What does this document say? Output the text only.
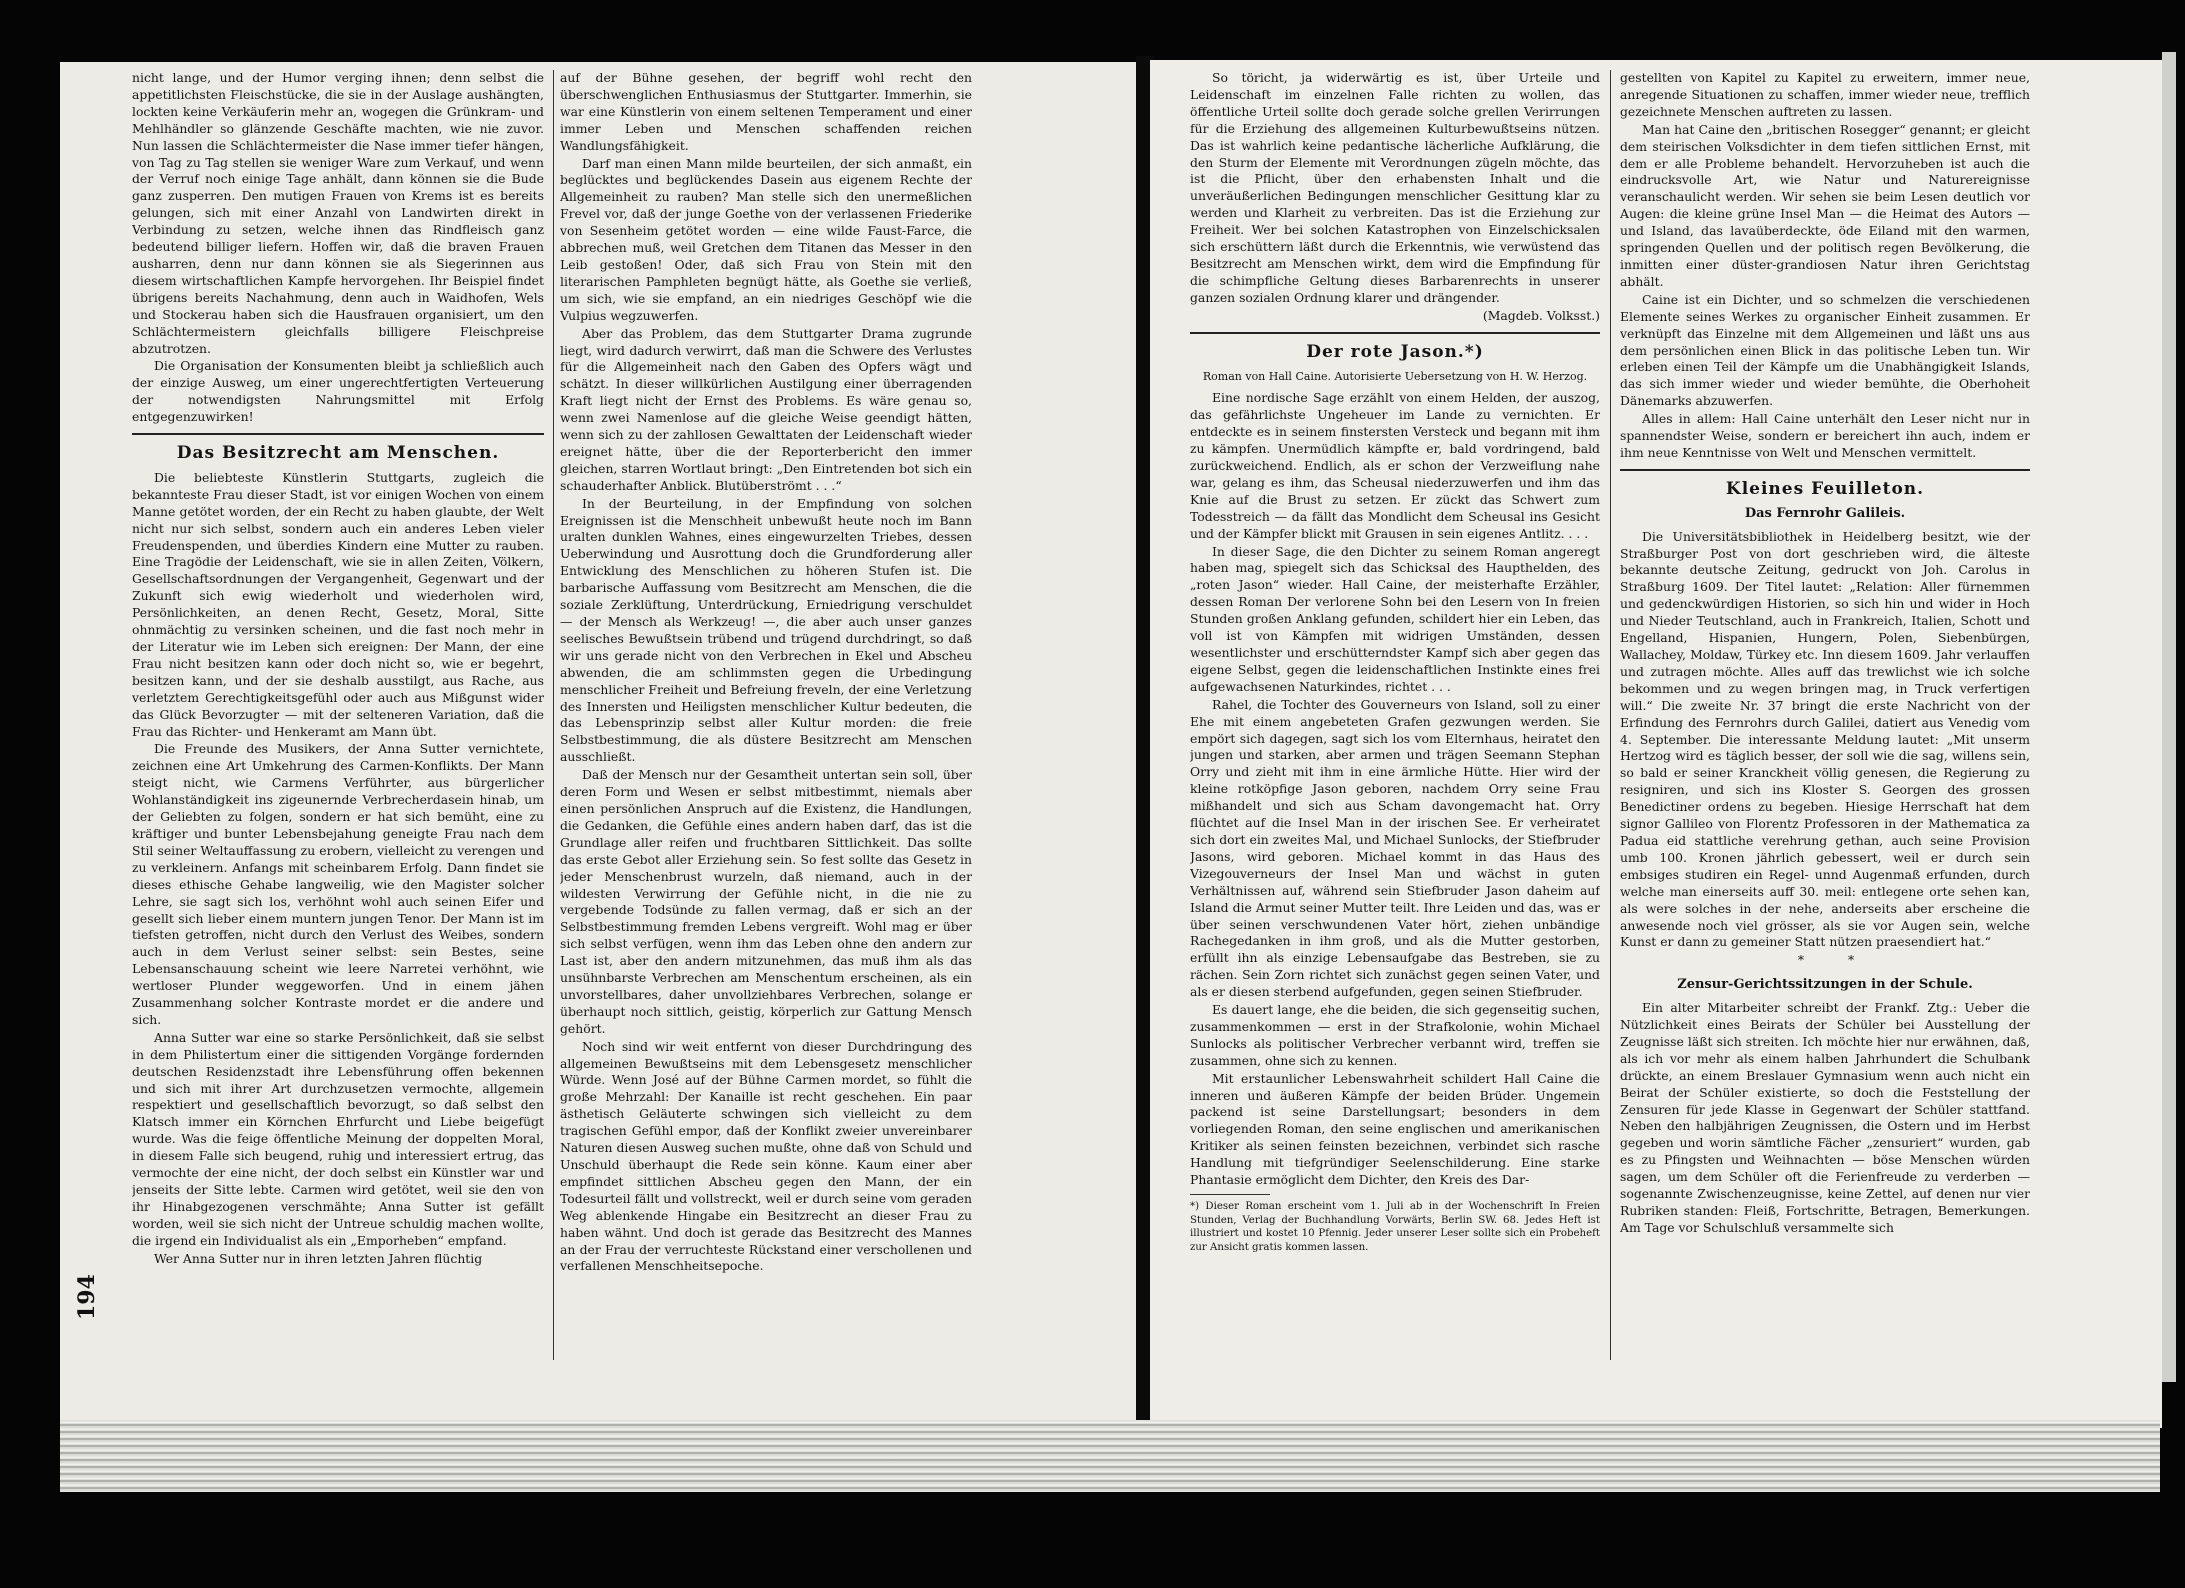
194

nicht lange, und der Humor verging ihnen; denn selbst die appetitlichsten Fleischstücke, die sie in der Auslage aushängten, lockten keine Verkäuferin mehr an, wogegen die Grünkram- und Mehlhändler so glänzende Geschäfte machten, wie nie zuvor. Nun lassen die Schlächtermeister die Nase immer tiefer hängen, von Tag zu Tag stellen sie weniger Ware zum Verkauf, und wenn der Verruf noch einige Tage anhält, dann können sie die Bude ganz zusperren. Den mutigen Frauen von Krems ist es bereits gelungen, sich mit einer Anzahl von Landwirten direkt in Verbindung zu setzen, welche ihnen das Rindfleisch ganz bedeutend billiger liefern. Hoffen wir, daß die braven Frauen ausharren, denn nur dann können sie als Siegerinnen aus diesem wirtschaftlichen Kampfe hervorgehen. Ihr Beispiel findet übrigens bereits Nachahmung, denn auch in Waidhofen, Wels und Stockerau haben sich die Hausfrauen organisiert, um den Schlächtermeistern gleichfalls billigere Fleischpreise abzutrotzen.

Die Organisation der Konsumenten bleibt ja schließlich auch der einzige Ausweg, um einer ungerechtfertigten Verteuerung der notwendigsten Nahrungsmittel mit Erfolg entgegenzuwirken!

Das Besitzrecht am Menschen.

Die beliebteste Künstlerin Stuttgarts, zugleich die bekannteste Frau dieser Stadt, ist vor einigen Wochen von einem Manne getötet worden, der ein Recht zu haben glaubte, der Welt nicht nur sich selbst, sondern auch ein anderes Leben vieler Freudenspenden, und überdies Kindern eine Mutter zu rauben. Eine Tragödie der Leidenschaft, wie sie in allen Zeiten, Völkern, Gesellschaftsordnungen der Vergangenheit, Gegenwart und der Zukunft sich ewig wiederholt und wiederholen wird, Persönlichkeiten, an denen Recht, Gesetz, Moral, Sitte ohnmächtig zu versinken scheinen, und die fast noch mehr in der Literatur wie im Leben sich ereignen: Der Mann, der eine Frau nicht besitzen kann oder doch nicht so, wie er begehrt, besitzen kann, und der sie deshalb ausstilgt, aus Rache, aus verletztem Gerechtigkeitsgefühl oder auch aus Mißgunst wider das Glück Bevorzugter — mit der selteneren Variation, daß die Frau das Richter- und Henkeramt am Mann übt.

Die Freunde des Musikers, der Anna Sutter vernichtete, zeichnen eine Art Umkehrung des Carmen-Konflikts. Der Mann steigt nicht, wie Carmens Verführter, aus bürgerlicher Wohlanständigkeit ins zigeunernde Verbrecherdasein hinab, um der Geliebten zu folgen, sondern er hat sich bemüht, eine zu kräftiger und bunter Lebensbejahung geneigte Frau nach dem Stil seiner Weltauffassung zu erobern, vielleicht zu verengen und zu verkleinern. Anfangs mit scheinbarem Erfolg. Dann findet sie dieses ethische Gehabe langweilig, wie den Magister solcher Lehre, sie sagt sich los, verhöhnt wohl auch seinen Eifer und gesellt sich lieber einem muntern jungen Tenor. Der Mann ist im tiefsten getroffen, nicht durch den Verlust des Weibes, sondern auch in dem Verlust seiner selbst: sein Bestes, seine Lebensanschauung scheint wie leere Narretei verhöhnt, wie wertloser Plunder weggeworfen. Und in einem jähen Zusammenhang solcher Kontraste mordet er die andere und sich.

Anna Sutter war eine so starke Persönlichkeit, daß sie selbst in dem Philistertum einer die sittigenden Vorgänge fordernden deutschen Residenzstadt ihre Lebensführung offen bekennen und sich mit ihrer Art durchzusetzen vermochte, allgemein respektiert und gesellschaftlich bevorzugt, so daß selbst den Klatsch immer ein Körnchen Ehrfurcht und Liebe beigefügt wurde. Was die feige öffentliche Meinung der doppelten Moral, in diesem Falle sich beugend, ruhig und interessiert ertrug, das vermochte der eine nicht, der doch selbst ein Künstler war und jenseits der Sitte lebte. Carmen wird getötet, weil sie den von ihr Hinabgezogenen verschmähte; Anna Sutter ist gefällt worden, weil sie sich nicht der Untreue schuldig machen wollte, die irgend ein Individualist als ein „Emporheben“ empfand.

Wer Anna Sutter nur in ihren letzten Jahren flüchtig

auf der Bühne gesehen, der begriff wohl recht den überschwenglichen Enthusiasmus der Stuttgarter. Immerhin, sie war eine Künstlerin von einem seltenen Temperament und einer immer Leben und Menschen schaffenden reichen Wandlungsfähigkeit.

Darf man einen Mann milde beurteilen, der sich anmaßt, ein beglücktes und beglückendes Dasein aus eigenem Rechte der Allgemeinheit zu rauben? Man stelle sich den unermeßlichen Frevel vor, daß der junge Goethe von der verlassenen Friederike von Sesenheim getötet worden — eine wilde Faust-Farce, die abbrechen muß, weil Gretchen dem Titanen das Messer in den Leib gestoßen! Oder, daß sich Frau von Stein mit den literarischen Pamphleten begnügt hätte, als Goethe sie verließ, um sich, wie sie empfand, an ein niedriges Geschöpf wie die Vulpius wegzuwerfen.

Aber das Problem, das dem Stuttgarter Drama zugrunde liegt, wird dadurch verwirrt, daß man die Schwere des Verlustes für die Allgemeinheit nach den Gaben des Opfers wägt und schätzt. In dieser willkürlichen Austilgung einer überragenden Kraft liegt nicht der Ernst des Problems. Es wäre genau so, wenn zwei Namenlose auf die gleiche Weise geendigt hätten, wenn sich zu der zahllosen Gewalttaten der Leidenschaft wieder ereignet hätte, über die der Reporterbericht den immer gleichen, starren Wortlaut bringt: „Den Eintretenden bot sich ein schauderhafter Anblick. Blutüberströmt . . .“

In der Beurteilung, in der Empfindung von solchen Ereignissen ist die Menschheit unbewußt heute noch im Bann uralten dunklen Wahnes, eines eingewurzelten Triebes, dessen Ueberwindung und Ausrottung doch die Grundforderung aller Entwicklung des Menschlichen zu höheren Stufen ist. Die barbarische Auffassung vom Besitzrecht am Menschen, die die soziale Zerklüftung, Unterdrückung, Erniedrigung verschuldet — der Mensch als Werkzeug! —, die aber auch unser ganzes seelisches Bewußtsein trübend und trügend durchdringt, so daß wir uns gerade nicht von den Verbrechen in Ekel und Abscheu abwenden, die am schlimmsten gegen die Urbedingung menschlicher Freiheit und Befreiung freveln, der eine Verletzung des Innersten und Heiligsten menschlicher Kultur bedeuten, die das Lebensprinzip selbst aller Kultur morden: die freie Selbstbestimmung, die als düstere Besitzrecht am Menschen ausschließt.

Daß der Mensch nur der Gesamtheit untertan sein soll, über deren Form und Wesen er selbst mitbestimmt, niemals aber einen persönlichen Anspruch auf die Existenz, die Handlungen, die Gedanken, die Gefühle eines andern haben darf, das ist die Grundlage aller reifen und fruchtbaren Sittlichkeit. Das sollte das erste Gebot aller Erziehung sein. So fest sollte das Gesetz in jeder Menschenbrust wurzeln, daß niemand, auch in der wildesten Verwirrung der Gefühle nicht, in die nie zu vergebende Todsünde zu fallen vermag, daß er sich an der Selbstbestimmung fremden Lebens vergreift. Wohl mag er über sich selbst verfügen, wenn ihm das Leben ohne den andern zur Last ist, aber den andern mitzunehmen, das muß ihm als das unsühnbarste Verbrechen am Menschentum erscheinen, als ein unvorstellbares, daher unvollziehbares Verbrechen, solange er überhaupt noch sittlich, geistig, körperlich zur Gattung Mensch gehört.

Noch sind wir weit entfernt von dieser Durchdringung des allgemeinen Bewußtseins mit dem Lebensgesetz menschlicher Würde. Wenn José auf der Bühne Carmen mordet, so fühlt die große Mehrzahl: Der Kanaille ist recht geschehen. Ein paar ästhetisch Geläuterte schwingen sich vielleicht zu dem tragischen Gefühl empor, daß der Konflikt zweier unvereinbarer Naturen diesen Ausweg suchen mußte, ohne daß von Schuld und Unschuld überhaupt die Rede sein könne. Kaum einer aber empfindet sittlichen Abscheu gegen den Mann, der ein Todesurteil fällt und vollstreckt, weil er durch seine vom geraden Weg ablenkende Hingabe ein Besitzrecht an dieser Frau zu haben wähnt. Und doch ist gerade das Besitzrecht des Mannes an der Frau der verruchteste Rückstand einer verschollenen und verfallenen Menschheitsepoche.

So töricht, ja widerwärtig es ist, über Urteile und Leidenschaft im einzelnen Falle richten zu wollen, das öffentliche Urteil sollte doch gerade solche grellen Verirrungen für die Erziehung des allgemeinen Kulturbewußtseins nützen. Das ist wahrlich keine pedantische lächerliche Aufklärung, die den Sturm der Elemente mit Verordnungen zügeln möchte, das ist die Pflicht, über den erhabensten Inhalt und die unveräußerlichen Bedingungen menschlicher Gesittung klar zu werden und Klarheit zu verbreiten. Das ist die Erziehung zur Freiheit. Wer bei solchen Katastrophen von Einzelschicksalen sich erschüttern läßt durch die Erkenntnis, wie verwüstend das Besitzrecht am Menschen wirkt, dem wird die Empfindung für die schimpfliche Geltung dieses Barbarenrechts in unserer ganzen sozialen Ordnung klarer und drängender.

(Magdeb. Volksst.)

Der rote Jason.*)
Roman von Hall Caine. Autorisierte Uebersetzung von H. W. Herzog.

Eine nordische Sage erzählt von einem Helden, der auszog, das gefährlichste Ungeheuer im Lande zu vernichten. Er entdeckte es in seinem finstersten Versteck und begann mit ihm zu kämpfen. Unermüdlich kämpfte er, bald vordringend, bald zurückweichend. Endlich, als er schon der Verzweiflung nahe war, gelang es ihm, das Scheusal niederzuwerfen und ihm das Knie auf die Brust zu setzen. Er zückt das Schwert zum Todesstreich — da fällt das Mondlicht dem Scheusal ins Gesicht und der Kämpfer blickt mit Grausen in sein eigenes Antlitz. . . .

In dieser Sage, die den Dichter zu seinem Roman angeregt haben mag, spiegelt sich das Schicksal des Haupthelden, des „roten Jason“ wieder. Hall Caine, der meisterhafte Erzähler, dessen Roman Der verlorene Sohn bei den Lesern von In freien Stunden großen Anklang gefunden, schildert hier ein Leben, das voll ist von Kämpfen mit widrigen Umständen, dessen wesentlichster und erschütterndster Kampf sich aber gegen das eigene Selbst, gegen die leidenschaftlichen Instinkte eines frei aufgewachsenen Naturkindes, richtet . . .

Rahel, die Tochter des Gouverneurs von Island, soll zu einer Ehe mit einem angebeteten Grafen gezwungen werden. Sie empört sich dagegen, sagt sich los vom Elternhaus, heiratet den jungen und starken, aber armen und trägen Seemann Stephan Orry und zieht mit ihm in eine ärmliche Hütte. Hier wird der kleine rotköpfige Jason geboren, nachdem Orry seine Frau mißhandelt und sich aus Scham davongemacht hat. Orry flüchtet auf die Insel Man in der irischen See. Er verheiratet sich dort ein zweites Mal, und Michael Sunlocks, der Stiefbruder Jasons, wird geboren. Michael kommt in das Haus des Vizegouverneurs der Insel Man und wächst in guten Verhältnissen auf, während sein Stiefbruder Jason daheim auf Island die Armut seiner Mutter teilt. Ihre Leiden und das, was er über seinen verschwundenen Vater hört, ziehen unbändige Rachegedanken in ihm groß, und als die Mutter gestorben, erfüllt ihn als einzige Lebensaufgabe das Bestreben, sie zu rächen. Sein Zorn richtet sich zunächst gegen seinen Vater, und als er diesen sterbend aufgefunden, gegen seinen Stiefbruder.

Es dauert lange, ehe die beiden, die sich gegenseitig suchen, zusammenkommen — erst in der Strafkolonie, wohin Michael Sunlocks als politischer Verbrecher verbannt wird, treffen sie zusammen, ohne sich zu kennen.

Mit erstaunlicher Lebenswahrheit schildert Hall Caine die inneren und äußeren Kämpfe der beiden Brüder. Ungemein packend ist seine Darstellungsart; besonders in dem vorliegenden Roman, den seine englischen und amerikanischen Kritiker als seinen feinsten bezeichnen, verbindet sich rasche Handlung mit tiefgründiger Seelenschilderung. Eine starke Phantasie ermöglicht dem Dichter, den Kreis des Dar-

*) Dieser Roman erscheint vom 1. Juli ab in der Wochenschrift In Freien Stunden, Verlag der Buchhandlung Vorwärts, Berlin SW. 68. Jedes Heft ist illustriert und kostet 10 Pfennig. Jeder unserer Leser sollte sich ein Probeheft zur Ansicht gratis kommen lassen.

gestellten von Kapitel zu Kapitel zu erweitern, immer neue, anregende Situationen zu schaffen, immer wieder neue, trefflich gezeichnete Menschen auftreten zu lassen.

Man hat Caine den „britischen Rosegger“ genannt; er gleicht dem steirischen Volksdichter in dem tiefen sittlichen Ernst, mit dem er alle Probleme behandelt. Hervorzuheben ist auch die eindrucksvolle Art, wie Natur und Naturereignisse veranschaulicht werden. Wir sehen sie beim Lesen deutlich vor Augen: die kleine grüne Insel Man — die Heimat des Autors — und Island, das lavaüberdeckte, öde Eiland mit den warmen, springenden Quellen und der politisch regen Bevölkerung, die inmitten einer düster-grandiosen Natur ihren Gerichtstag abhält.

Caine ist ein Dichter, und so schmelzen die verschiedenen Elemente seines Werkes zu organischer Einheit zusammen. Er verknüpft das Einzelne mit dem Allgemeinen und läßt uns aus dem persönlichen einen Blick in das politische Leben tun. Wir erleben einen Teil der Kämpfe um die Unabhängigkeit Islands, das sich immer wieder und wieder bemühte, die Oberhoheit Dänemarks abzuwerfen.

Alles in allem: Hall Caine unterhält den Leser nicht nur in spannendster Weise, sondern er bereichert ihn auch, indem er ihm neue Kenntnisse von Welt und Menschen vermittelt.

Kleines Feuilleton.
Das Fernrohr Galileis.

Die Universitätsbibliothek in Heidelberg besitzt, wie der Straßburger Post von dort geschrieben wird, die älteste bekannte deutsche Zeitung, gedruckt von Joh. Carolus in Straßburg 1609. Der Titel lautet: „Relation: Aller fürnemmen und gedenckwürdigen Historien, so sich hin und wider in Hoch und Nieder Teutschland, auch in Frankreich, Italien, Schott und Engelland, Hispanien, Hungern, Polen, Siebenbürgen, Wallachey, Moldaw, Türkey etc. Inn diesem 1609. Jahr verlauffen und zutragen möchte. Alles auff das trewlichst wie ich solche bekommen und zu wegen bringen mag, in Truck verfertigen will.“ Die zweite Nr. 37 bringt die erste Nachricht von der Erfindung des Fernrohrs durch Galilei, datiert aus Venedig vom 4. September. Die interessante Meldung lautet: „Mit unserm Hertzog wird es täglich besser, der soll wie die sag, willens sein, so bald er seiner Kranckheit völlig genesen, die Regierung zu resigniren, und sich ins Kloster S. Georgen des grossen Benedictiner ordens zu begeben. Hiesige Herrschaft hat dem signor Gallileo von Florentz Professoren in der Mathematica za Padua eid stattliche verehrung gethan, auch seine Provision umb 100. Kronen jährlich gebessert, weil er durch sein embsiges studiren ein Regel- unnd Augenmaß erfunden, durch welche man einerseits auff 30. meil: entlegene orte sehen kan, als were solches in der nehe, anderseits aber erscheine die anwesende noch viel grösser, als sie vor Augen sein, welche Kunst er dann zu gemeiner Statt nützen praesendiert hat.“

* *

Zensur-Gerichtssitzungen in der Schule.

Ein alter Mitarbeiter schreibt der Frankf. Ztg.: Ueber die Nützlichkeit eines Beirats der Schüler bei Ausstellung der Zeugnisse läßt sich streiten. Ich möchte hier nur erwähnen, daß, als ich vor mehr als einem halben Jahrhundert die Schulbank drückte, an einem Breslauer Gymnasium wenn auch nicht ein Beirat der Schüler existierte, so doch die Feststellung der Zensuren für jede Klasse in Gegenwart der Schüler stattfand. Neben den halbjährigen Zeugnissen, die Ostern und im Herbst gegeben und worin sämtliche Fächer „zensuriert“ wurden, gab es zu Pfingsten und Weihnachten — böse Menschen würden sagen, um dem Schüler oft die Ferienfreude zu verderben — sogenannte Zwischenzeugnisse, keine Zettel, auf denen nur vier Rubriken standen: Fleiß, Fortschritte, Betragen, Bemerkungen. Am Tage vor Schulschluß versammelte sich
